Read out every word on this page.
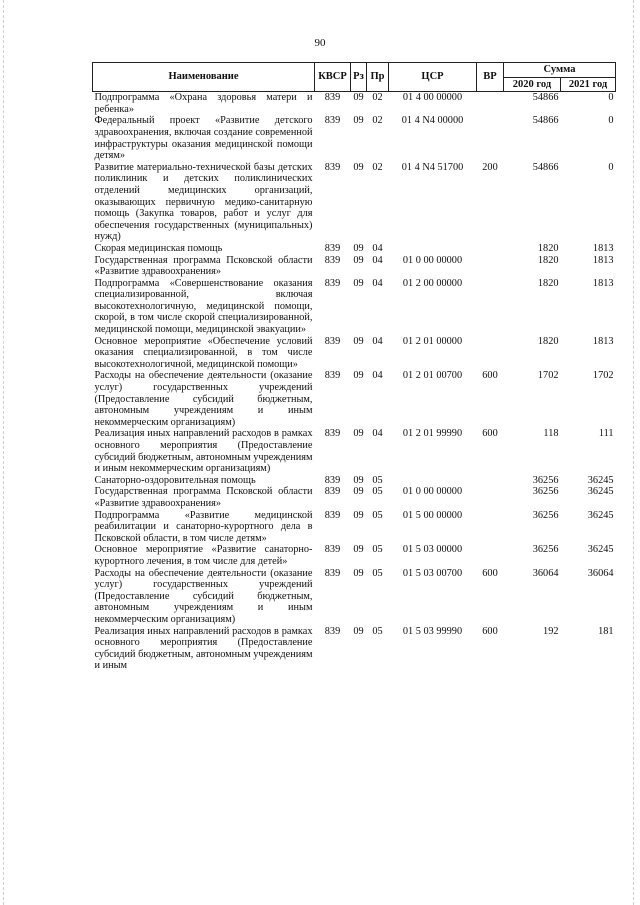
90
Наименование	КВСР	Рз	Пр	ЦСР	ВР	Сумма	
						2020 год	2021 год
Подпрограмма «Охрана здоровья матери и ребенка»	839	09	02	01 4 00 00000		54866	0
Федеральный проект «Развитие детского здравоохранения, включая создание современной инфраструктуры оказания медицинской помощи детям»	839	09	02	01 4 N4 00000		54866	0
Развитие материально-технической базы детских поликлиник и детских поликлинических отделений медицинских организаций, оказывающих первичную медико-санитарную помощь (Закупка товаров, работ и услуг для обеспечения государственных (муниципальных) нужд)	839	09	02	01 4 N4 51700	200	54866	0
Скорая медицинская помощь	839	09	04			1820	1813
Государственная программа Псковской области «Развитие здравоохранения»	839	09	04	01 0 00 00000		1820	1813
Подпрограмма «Совершенствование оказания специализированной, включая высокотехнологичную, медицинской помощи, скорой, в том числе скорой специализированной, медицинской помощи, медицинской эвакуации»	839	09	04	01 2 00 00000		1820	1813
Основное мероприятие «Обеспечение условий оказания специализированной, в том числе высокотехнологичной, медицинской помощи»	839	09	04	01 2 01 00000		1820	1813
Расходы на обеспечение деятельности (оказание услуг) государственных учреждений (Предоставление субсидий бюджетным, автономным учреждениям и иным некоммерческим организациям)	839	09	04	01 2 01 00700	600	1702	1702
Реализация иных направлений расходов в рамках основного мероприятия (Предоставление субсидий бюджетным, автономным учреждениям и иным некоммерческим организациям)	839	09	04	01 2 01 99990	600	118	111
Санаторно-оздоровительная помощь	839	09	05			36256	36245
Государственная программа Псковской области «Развитие здравоохранения»	839	09	05	01 0 00 00000		36256	36245
Подпрограмма «Развитие медицинской реабилитации и санаторно-курортного дела в Псковской области, в том числе детям»	839	09	05	01 5 00 00000		36256	36245
Основное мероприятие «Развитие санаторно-курортного лечения, в том числе для детей»	839	09	05	01 5 03 00000		36256	36245
Расходы на обеспечение деятельности (оказание услуг) государственных учреждений (Предоставление субсидий бюджетным, автономным учреждениям и иным некоммерческим организациям)	839	09	05	01 5 03 00700	600	36064	36064
Реализация иных направлений расходов в рамках основного мероприятия (Предоставление субсидий бюджетным, автономным учреждениям и иным	839	09	05	01 5 03 99990	600	192	181
